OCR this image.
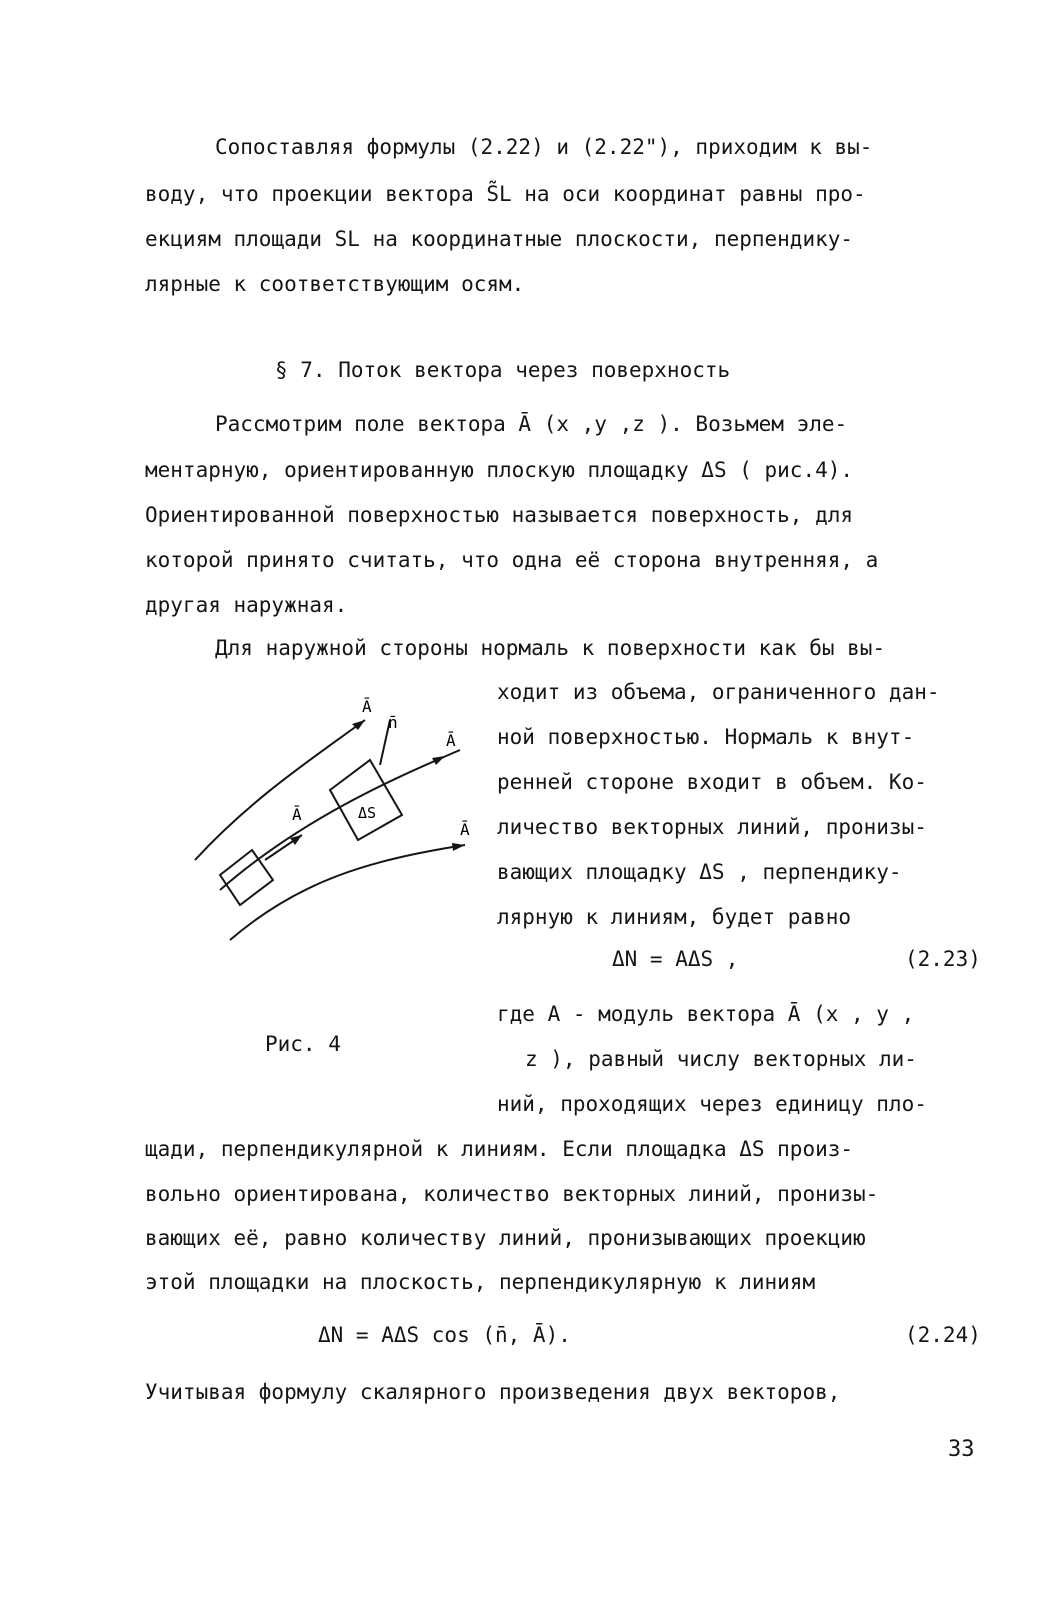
Сопоставляя формулы (2.22) и (2.22"), приходим к вы-
воду, что проекции вектора S̃L на оси координат равны про-
екциям площади SL на координатные плоскости, перпендику-
лярные к соответствующим осям.
§ 7. Поток вектора через поверхность
Рассмотрим поле вектора Ā (x ,y ,z ). Возьмем эле-
ментарную, ориентированную плоскую площадку ΔS ( рис.4).
Ориентированной поверхностью называется поверхность, для
которой принято считать, что одна её сторона внутренняя, а
другая наружная.
Для наружной стороны нормаль к поверхности как бы вы-
ходит из объема, ограниченного дан-
ной поверхностью. Нормаль к внут-
ренней стороне входит в объем. Ко-
личество векторных линий, пронизы-
вающих площадку ΔS , перпендику-
лярную к линиям, будет равно
ΔN = AΔS ,	(2.23)
где A - модуль вектора Ā (x , y ,
z ), равный числу векторных ли-
ний, проходящих через единицу пло-
Рис. 4
щади, перпендикулярной к линиям. Если площадка ΔS произ-
вольно ориентирована, количество векторных линий, пронизы-
вающих её, равно количеству линий, пронизывающих проекцию
этой площадки на плоскость, перпендикулярную к линиям
ΔN = AΔS cos (n̄, Ā).	(2.24)
Учитывая формулу скалярного произведения двух векторов,
33
Ā
n̄
Ā
Ā
Ā
ΔS
